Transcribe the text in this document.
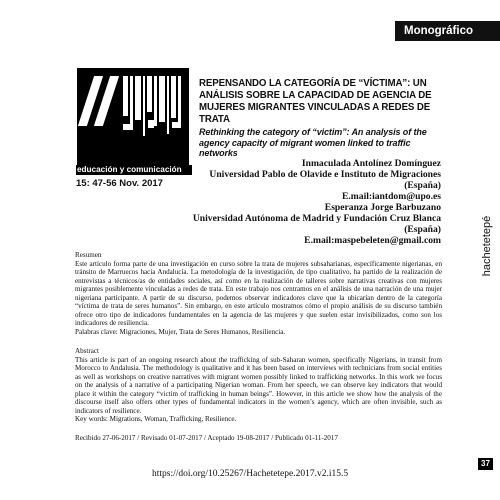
Monográfico
educación y comunicación
15: 47-56 Nov. 2017
REPENSANDO LA CATEGORÍA DE “VÍCTIMA”: UN ANÁLISIS SOBRE LA CAPACIDAD DE AGENCIA DE MUJERES MIGRANTES VINCULADAS A REDES DE TRATA
Rethinking the category of “victim”: An analysis of the agency capacity of migrant women linked to traffic networks
Inmaculada Antolínez Domínguez
Universidad Pablo de Olavide e Instituto de Migraciones (España)
E.mail:iantdom@upo.es
Esperanza Jorge Barbuzano
Universidad Autónoma de Madrid y Fundación Cruz Blanca (España)
E.mail:maspebeleten@gmail.com	hachetetepé

Resumen

Este artículo forma parte de una investigación en curso sobre la trata de mujeres subsaharianas, específicamente nigerianas, en tránsito de Marruecos hacia Andalucía. La metodología de la investigación, de tipo cualitativo, ha partido de la realización de entrevistas a técnicos/as de entidades sociales, así como en la realización de talleres sobre narrativas creativas con mujeres migrantes posiblemente vinculadas a redes de trata. En este trabajo nos centramos en el análisis de una narración de una mujer nigeriana participante. A partir de su discurso, podemos observar indicadores clave que la ubicarían dentro de la categoría “víctima de trata de seres humanos”. Sin embargo, en este artículo mostramos cómo el propio análisis de su discurso también ofrece otro tipo de indicadores fundamentales en la agencia de las mujeres y que suelen estar invisibilizados, como son los indicadores de resiliencia.

Palabras clave: Migraciones, Mujer, Trata de Seres Humanos, Resiliencia.

Abstract

This article is part of an ongoing research about the trafficking of sub-Saharan women, specifically Nigerians, in transit from Morocco to Andalusia. The methodology is qualitative and it has been based on interviews with technicians from social entities as well as workshops on creative narratives with migrant women possibly linked to trafficking networks. In this work we focus on the analysis of a narrative of a participating Nigerian woman. From her speech, we can observe key indicators that would place it within the category “victim of trafficking in human beings”. However, in this article we show how the analysis of the discourse itself also offers other types of fundamental indicators in the women’s agency, which are often invisible, such as indicators of resilience.

Key words: Migrations, Woman, Trafficking, Resilience.

Recibido 27-06-2017 / Revisado 01-07-2017 / Aceptado 19-08-2017 / Publicado 01-11-2017
https://doi.org/10.25267/Hachetetepe.2017.v2.i15.5
37
